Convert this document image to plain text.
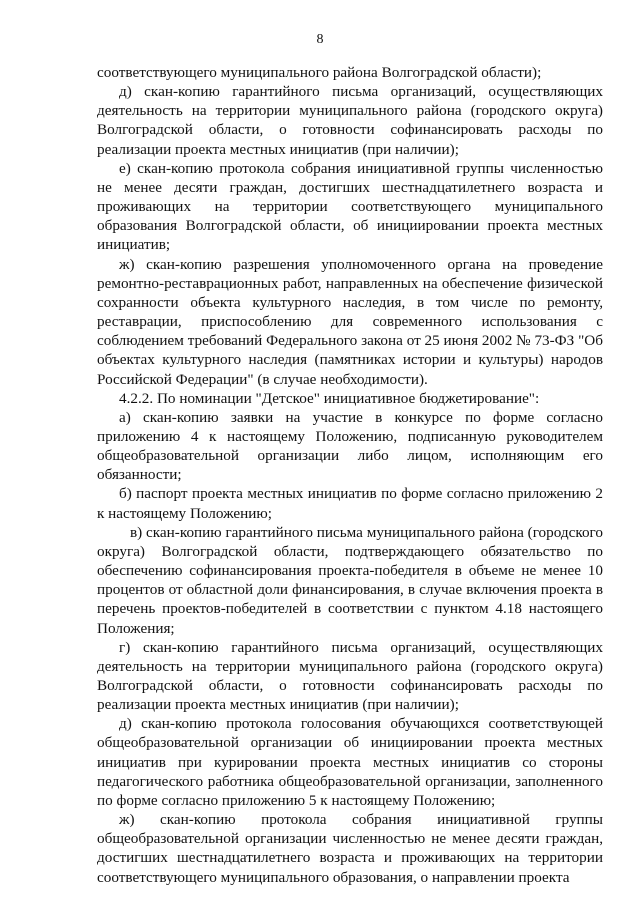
8

соответствующего муниципального района Волгоградской области);

д) скан-копию гарантийного письма организаций, осуществляющих деятельность на территории муниципального района (городского округа) Волгоградской области, о готовности софинансировать расходы по реализации проекта местных инициатив (при наличии);

е) скан-копию протокола собрания инициативной группы численностью не менее десяти граждан, достигших шестнадцатилетнего возраста и проживающих на территории соответствующего муниципального образования Волгоградской области, об инициировании проекта местных инициатив;

ж) скан-копию разрешения уполномоченного органа на проведение ремонтно-реставрационных работ, направленных на обеспечение физической сохранности объекта культурного наследия, в том числе по ремонту, реставрации, приспособлению для современного использования с соблюдением требований Федерального закона от 25 июня 2002 № 73-ФЗ "Об объектах культурного наследия (памятниках истории и культуры) народов Российской Федерации" (в случае необходимости).

4.2.2. По номинации "Детское" инициативное бюджетирование":

а) скан-копию заявки на участие в конкурсе по форме согласно приложению 4 к настоящему Положению, подписанную руководителем общеобразовательной организации либо лицом, исполняющим его обязанности;

б) паспорт проекта местных инициатив по форме согласно приложению 2 к настоящему Положению;

в) скан-копию гарантийного письма муниципального района (городского округа) Волгоградской области, подтверждающего обязательство по обеспечению софинансирования проекта-победителя в объеме не менее 10 процентов от областной доли финансирования, в случае включения проекта в перечень проектов-победителей в соответствии с пунктом 4.18 настоящего Положения;

г) скан-копию гарантийного письма организаций, осуществляющих деятельность на территории муниципального района (городского округа) Волгоградской области, о готовности софинансировать расходы по реализации проекта местных инициатив (при наличии);

д) скан-копию протокола голосования обучающихся соответствующей общеобразовательной организации об инициировании проекта местных инициатив при курировании проекта местных инициатив со стороны педагогического работника общеобразовательной организации, заполненного по форме согласно приложению 5 к настоящему Положению;

ж) скан-копию протокола собрания инициативной группы общеобразовательной организации численностью не менее десяти граждан, достигших шестнадцатилетнего возраста и проживающих на территории соответствующего муниципального образования, о направлении проекта
